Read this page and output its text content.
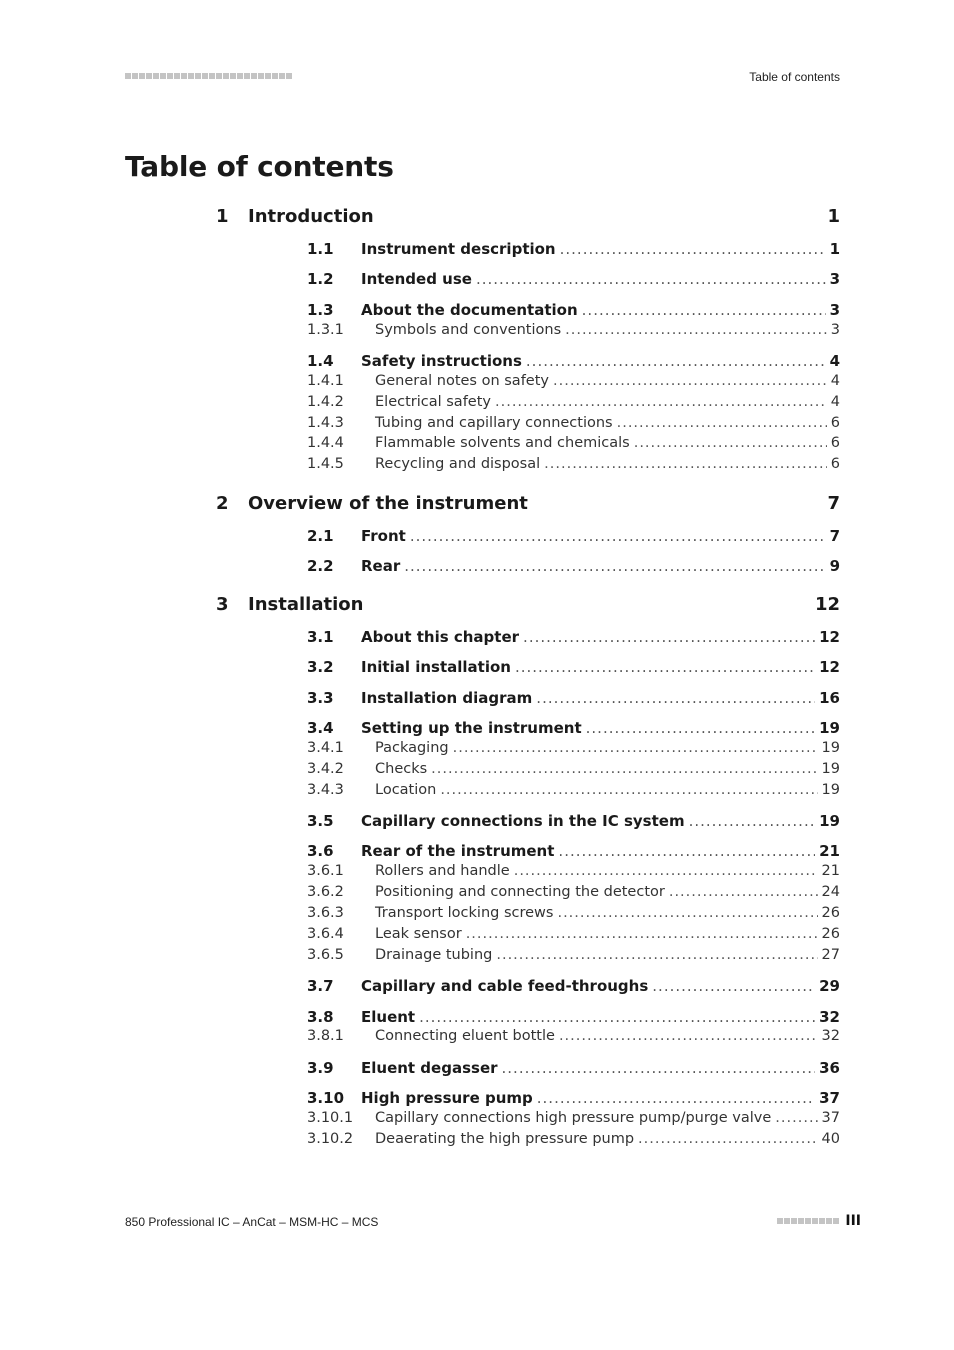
Table of contents
Table of contents
1 Introduction	1
1.1 Instrument description .....	1
1.2 Intended use .....	3
1.3 About the documentation .....	3
1.3.1 Symbols and conventions .....	3
1.4 Safety instructions .....	4
1.4.1 General notes on safety .....	4
1.4.2 Electrical safety .....	4
1.4.3 Tubing and capillary connections .....	6
1.4.4 Flammable solvents and chemicals .....	6
1.4.5 Recycling and disposal .....	6
2 Overview of the instrument	7
2.1 Front .....	7
2.2 Rear .....	9
3 Installation	12
3.1 About this chapter .....	12
3.2 Initial installation .....	12
3.3 Installation diagram .....	16
3.4 Setting up the instrument .....	19
3.4.1 Packaging .....	19
3.4.2 Checks .....	19
3.4.3 Location .....	19
3.5 Capillary connections in the IC system .....	19
3.6 Rear of the instrument .....	21
3.6.1 Rollers and handle .....	21
3.6.2 Positioning and connecting the detector .....	24
3.6.3 Transport locking screws .....	26
3.6.4 Leak sensor .....	26
3.6.5 Drainage tubing .....	27
3.7 Capillary and cable feed-throughs .....	29
3.8 Eluent .....	32
3.8.1 Connecting eluent bottle .....	32
3.9 Eluent degasser .....	36
3.10 High pressure pump .....	37
3.10.1 Capillary connections high pressure pump/purge valve .....	37
3.10.2 Deaerating the high pressure pump .....	40
850 Professional IC – AnCat – MSM-HC – MCS	III
